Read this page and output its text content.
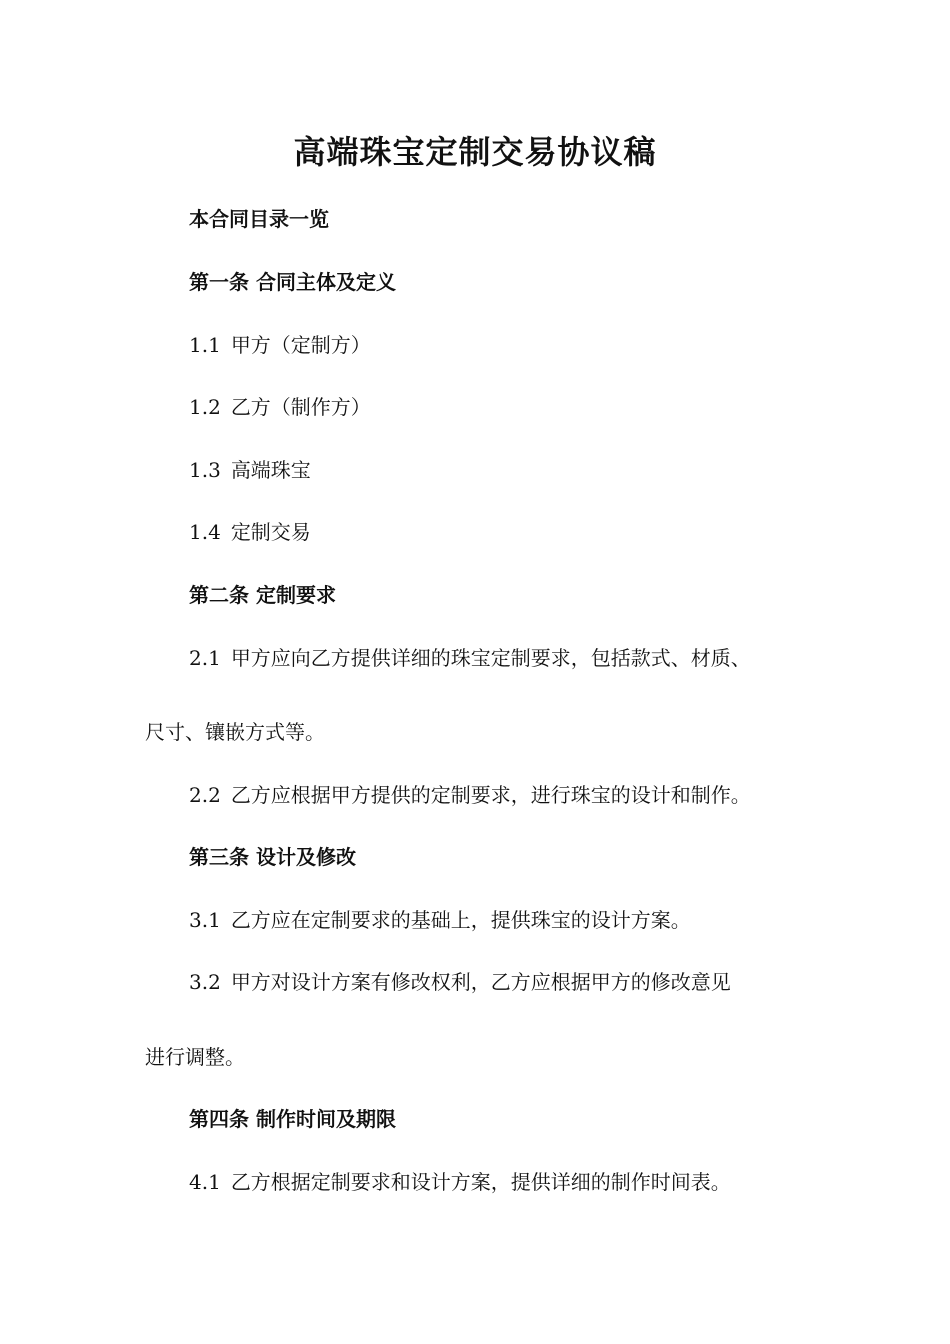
高端珠宝定制交易协议稿

本合同目录一览

第一条 合同主体及定义

1.1 甲方（定制方）

1.2 乙方（制作方）

1.3 高端珠宝

1.4 定制交易

第二条 定制要求

2.1 甲方应向乙方提供详细的珠宝定制要求，包括款式、材质、

尺寸、镶嵌方式等。

2.2 乙方应根据甲方提供的定制要求，进行珠宝的设计和制作。

第三条 设计及修改

3.1 乙方应在定制要求的基础上，提供珠宝的设计方案。

3.2 甲方对设计方案有修改权利，乙方应根据甲方的修改意见

进行调整。

第四条 制作时间及期限

4.1 乙方根据定制要求和设计方案，提供详细的制作时间表。
